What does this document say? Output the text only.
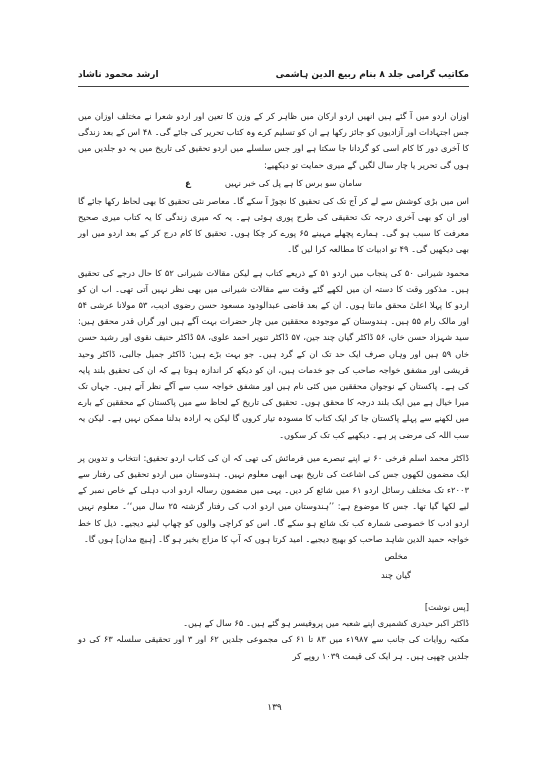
ارشد محمود ناشاد	مکاتیب گرامی جلد ۸ بنام ربیع الدین ہاشمی

اوزان اردو میں آ گئے ہیں انھیں اردو ارکان میں ظاہر کر کے وزن کا تعین اور اردو شعرا نے مختلف اوزان میں جس اجتہادات اور آزادیوں کو جائز رکھا ہے ان کو تسلیم کرے وہ کتاب تحریر کی جائے گی۔ ۴۸ اس کے بعد زندگی کا آخری دور کا کام اسی کو گردانا جا سکتا ہے اور جس سلسلے میں اردو تحقیق کی تاریخ میں یہ دو جلدیں میں ہوں گی تحریر یا چار سال لگیں گے میری حمایت تو دیکھیے:

سامان سو برس کا ہے پل کی خبر نہیں
ع

اس میں بڑی کوشش سے لے کر آج تک کی تحقیق کا نچوڑ آ سکے گا۔ معاصر نئی تحقیق کا بھی لحاظ رکھا جائے گا اور ان کو بھی آخری درجہ تک تحقیقی کی طرح پوری ہوئی ہے۔ یہ کہ میری زندگی کا یہ کتاب میری صحیح معرفت کا سبب ہو گی۔ ہمارے پچھلے مہینے ۶۵ پورے کر چکا ہوں۔ تحقیق کا کام درج کر کے بعد اردو میں اور بھی دیکھیں گی۔ ۴۹ تو ادبیات کا مطالعہ کرا لیں گا۔

محمود شیرانی ۵۰ کی پنجاب میں اردو ۵۱ کے ذریعے کتاب ہے لیکن مقالات شیرانی ۵۲ کا حال درجے کی تحقیق ہیں۔ مذکور وقت کا دستہ ان میں لکھے گئے وقت سے مقالات شیرانی میں بھی نظر نہیں آتی تھی۔ اب ان کو اردو کا پہلا اعلیٰ محقق مانتا ہوں۔ ان کے بعد قاضی عبدالودود مسعود حسن رضوی ادیب، ۵۳ مولانا عرشی ۵۴ اور مالک رام ۵۵ ہیں۔ ہندوستان کے موجودہ محققین میں چار حضرات بہت آگے ہیں اور گراں قدر محقق ہیں: سید شہزاد حسن خاں، ۵۶ ڈاکٹر گیان چند جین، ۵۷ ڈاکٹر تنویر احمد علوی، ۵۸ ڈاکٹر حنیف نقوی اور رشید حسن خاں ۵۹ ہیں اور وہاں صرف ایک حد تک ان کے گرد ہیں۔ جو بہت بڑے ہیں: ڈاکٹر جمیل جالبی، ڈاکٹر وحید قریشی اور مشفق خواجہ صاحب کی جو خدمات ہیں، ان کو دیکھ کر اندازہ ہوتا ہے کہ ان کی تحقیق بلند پایہ کی ہے۔ پاکستان کے نوجوان محققین میں کئی نام ہیں اور مشفق خواجہ سب سے آگے نظر آتے ہیں۔ جہاں تک میرا خیال ہے میں ایک بلند درجہ کا محقق ہوں۔ تحقیق کی تاریخ کے لحاظ سے میں پاکستان کے محققین کے بارے میں لکھنے سے پہلے پاکستان جا کر ایک کتاب کا مسودہ تیار کروں گا لیکن یہ ارادہ بدلنا ممکن نہیں ہے۔ لیکن یہ سب اللہ کی مرضی پر ہے۔ دیکھیے کب تک کر سکوں۔

ڈاکٹر محمد اسلم فرخی ۶۰ نے اپنے تبصرے میں فرمائش کی تھی کہ ان کی کتاب اردو تحقیق: انتخاب و تدوین پر ایک مضمون لکھوں جس کی اشاعت کی تاریخ بھی ابھی معلوم نہیں۔ ہندوستان میں اردو تحقیق کی رفتار سے ۲۰۰۳ء تک مختلف رسائل اردو ۶۱ میں شائع کر دیں۔ یہی میں مضمون رسالہ اردو ادب دہلی کے خاص نمبر کے لیے لکھا گیا تھا۔ جس کا موضوع ہے: ’’ہندوستان میں اردو ادب کی رفتار گزشتہ ۲۵ سال میں‘‘۔ معلوم نہیں اردو ادب کا خصوصی شمارہ کب تک شائع ہو سکے گا۔ اس کو کراچی والوں کو چھاپ لینے دیجیے۔ ذیل کا خط خواجہ حمید الدین شاہد صاحب کو بھیج دیجیے۔ امید کرتا ہوں کہ آپ کا مزاج بخیر ہو گا۔ [ہیچ مدان] ہوں گا۔

مخلص
گیان چند
[پس نوشت]

ڈاکٹر اکبر حیدری کشمیری اپنے شعبہ میں پروفیسر ہو گئے ہیں۔ ۶۵ سال کے ہیں۔

مکتبہ روایات کی جانب سے ۱۹۸۷ء میں ۸۳ تا ۶۱ کی مجموعی جلدیں ۶۲ اور ۳ اور تحقیقی سلسلہ ۶۳ کی دو جلدیں چھپی ہیں۔ ہر ایک کی قیمت ۱۰۳۹ روپے کر

۱۳۹
